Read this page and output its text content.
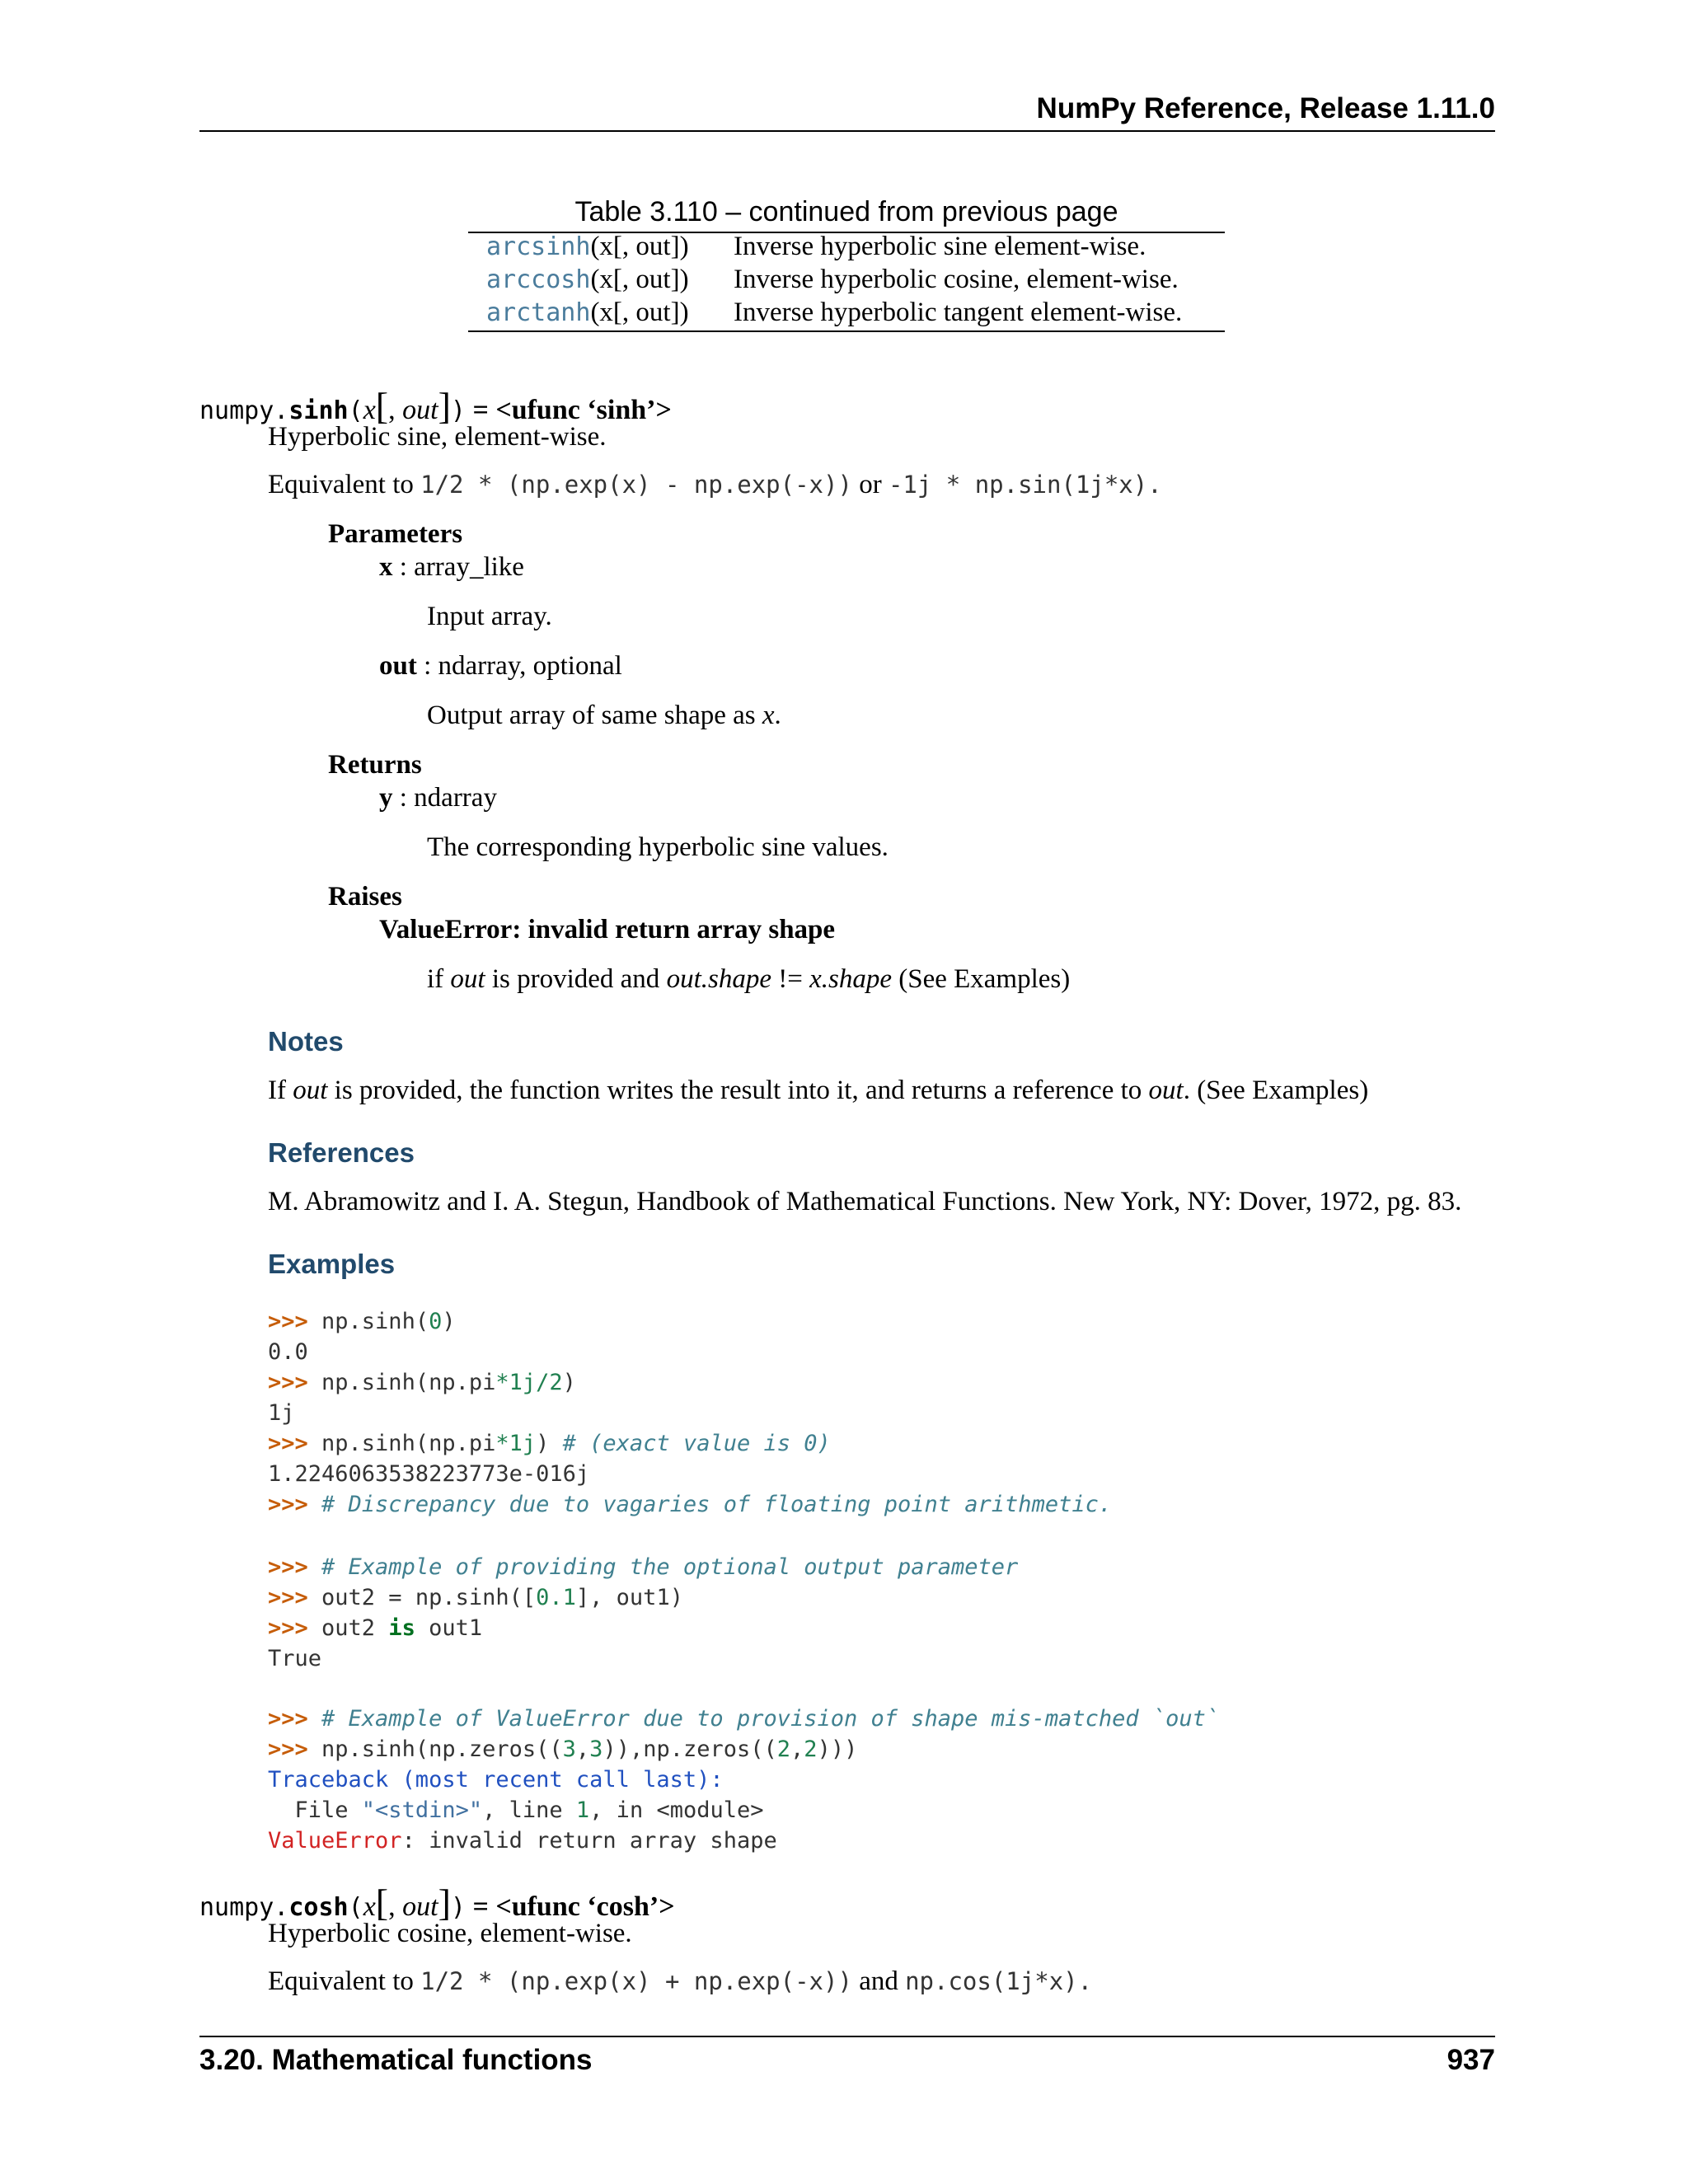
NumPy Reference, Release 1.11.0
Table 3.110 – continued from previous page
arcsinh(x[, out]) Inverse hyperbolic sine element-wise.
arccosh(x[, out]) Inverse hyperbolic cosine, element-wise.
arctanh(x[, out]) Inverse hyperbolic tangent element-wise.
numpy.sinh(x[, out]) = <ufunc ‘sinh’>
Hyperbolic sine, element-wise.
Equivalent to 1/2 * (np.exp(x) - np.exp(-x)) or -1j * np.sin(1j*x).
Parameters
x : array_like
Input array.
out : ndarray, optional
Output array of same shape as x.
Returns
y : ndarray
The corresponding hyperbolic sine values.
Raises
ValueError: invalid return array shape
if out is provided and out.shape != x.shape (See Examples)
Notes
If out is provided, the function writes the result into it, and returns a reference to out. (See Examples)
References
M. Abramowitz and I. A. Stegun, Handbook of Mathematical Functions. New York, NY: Dover, 1972, pg. 83.
Examples
>>> np.sinh(0)
0.0
>>> np.sinh(np.pi*1j/2)
1j
>>> np.sinh(np.pi*1j) # (exact value is 0)
1.2246063538223773e-016j
>>> # Discrepancy due to vagaries of floating point arithmetic.
>>> # Example of providing the optional output parameter
>>> out2 = np.sinh([0.1], out1)
>>> out2 is out1
True
>>> # Example of ValueError due to provision of shape mis-matched `out`
>>> np.sinh(np.zeros((3,3)),np.zeros((2,2)))
Traceback (most recent call last):
File "<stdin>", line 1, in <module>
ValueError: invalid return array shape
numpy.cosh(x[, out]) = <ufunc ‘cosh’>
Hyperbolic cosine, element-wise.
Equivalent to 1/2 * (np.exp(x) + np.exp(-x)) and np.cos(1j*x).
3.20. Mathematical functions	937
